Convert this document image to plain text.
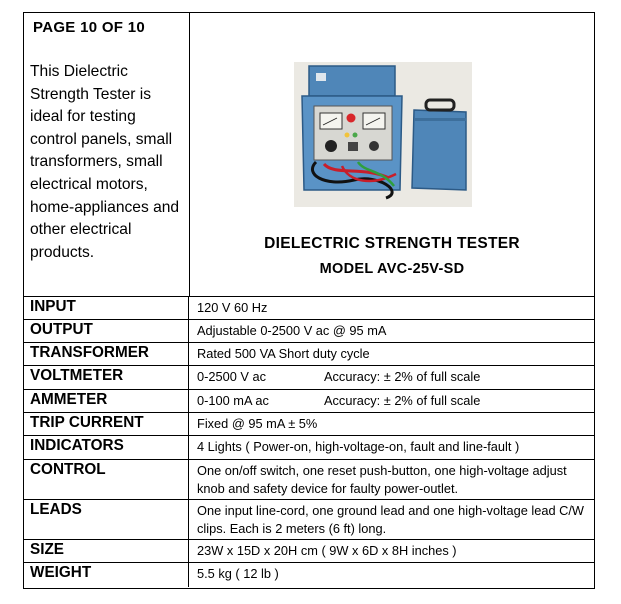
PAGE 10 OF 10
This Dielectric Strength Tester is ideal for testing control panels, small transformers, small electrical motors, home-appliances and other electrical products.
DIELECTRIC STRENGTH TESTER
MODEL AVC-25V-SD
INPUT	120 V 60 Hz
OUTPUT	Adjustable 0-2500 V ac @ 95 mA
TRANSFORMER	Rated 500 VA Short duty cycle
VOLTMETER	0-2500 V ac	Accuracy: ± 2% of full scale
AMMETER	0-100 mA ac	Accuracy: ± 2% of full scale
TRIP CURRENT	Fixed @ 95 mA ± 5%
INDICATORS	4 Lights ( Power-on, high-voltage-on, fault and line-fault )
CONTROL	One on/off switch, one reset push-button, one high-voltage adjust knob and safety device for faulty power-outlet.
LEADS	One input line-cord, one ground lead and one high-voltage lead C/W clips. Each is 2 meters (6 ft) long.
SIZE	23W x 15D x 20H cm ( 9W x 6D x 8H inches )
WEIGHT	5.5 kg ( 12 lb )
